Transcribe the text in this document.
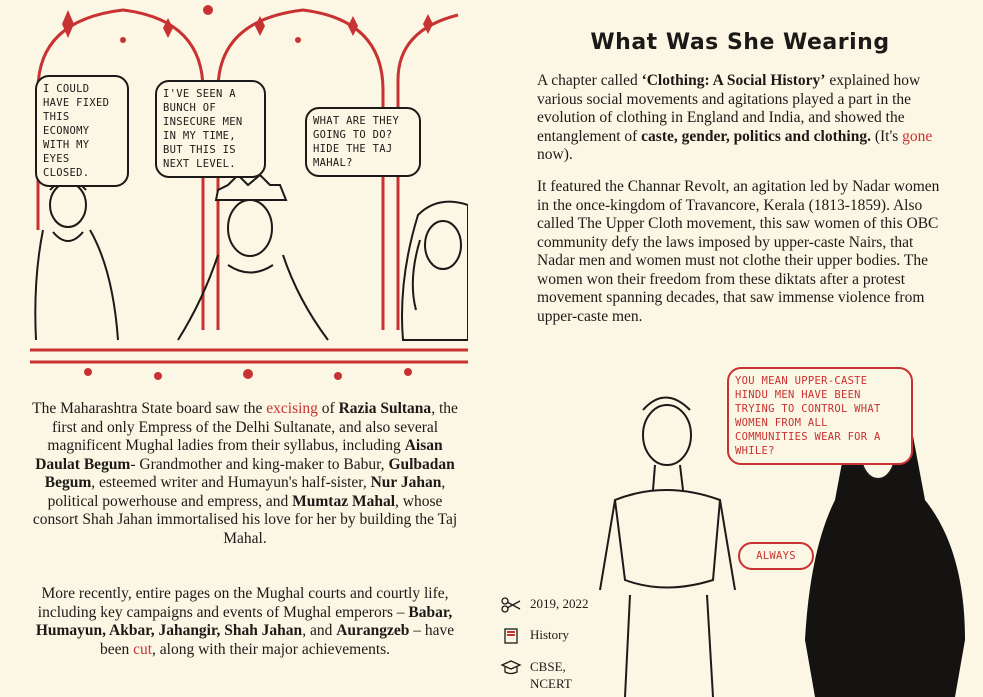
I COULD HAVE FIXED THIS ECONOMY WITH MY EYES CLOSED.
I'VE SEEN A BUNCH OF INSECURE MEN IN MY TIME, BUT THIS IS NEXT LEVEL.
WHAT ARE THEY GOING TO DO? HIDE THE TAJ MAHAL?
The Maharashtra State board saw the excising of Razia Sultana, the first and only Empress of the Delhi Sultanate, and also several magnificent Mughal ladies from their syllabus, including Aisan Daulat Begum- Grandmother and king-maker to Babur, Gulbadan Begum, esteemed writer and Humayun's half-sister, Nur Jahan, political powerhouse and empress, and Mumtaz Mahal, whose consort Shah Jahan immortalised his love for her by building the Taj Mahal.
More recently, entire pages on the Mughal courts and courtly life, including key campaigns and events of Mughal emperors – Babar, Humayun, Akbar, Jahangir, Shah Jahan, and Aurangzeb – have been cut, along with their major achievements.
What Was She Wearing
A chapter called ‘Clothing: A Social History’ explained how various social movements and agitations played a part in the evolution of clothing in England and India, and showed the entanglement of caste, gender, politics and clothing. (It's gone now).
It featured the Channar Revolt, an agitation led by Nadar women in the once-kingdom of Travancore, Kerala (1813-1859). Also called The Upper Cloth movement, this saw women of this OBC community defy the laws imposed by upper-caste Nairs, that Nadar men and women must not clothe their upper bodies. The women won their freedom from these diktats after a protest movement spanning decades, that saw immense violence from upper-caste men.
YOU MEAN UPPER-CASTE HINDU MEN HAVE BEEN TRYING TO CONTROL WHAT WOMEN FROM ALL COMMUNITIES WEAR FOR A WHILE?
ALWAYS
2019, 2022
History
CBSE,
NCERT
